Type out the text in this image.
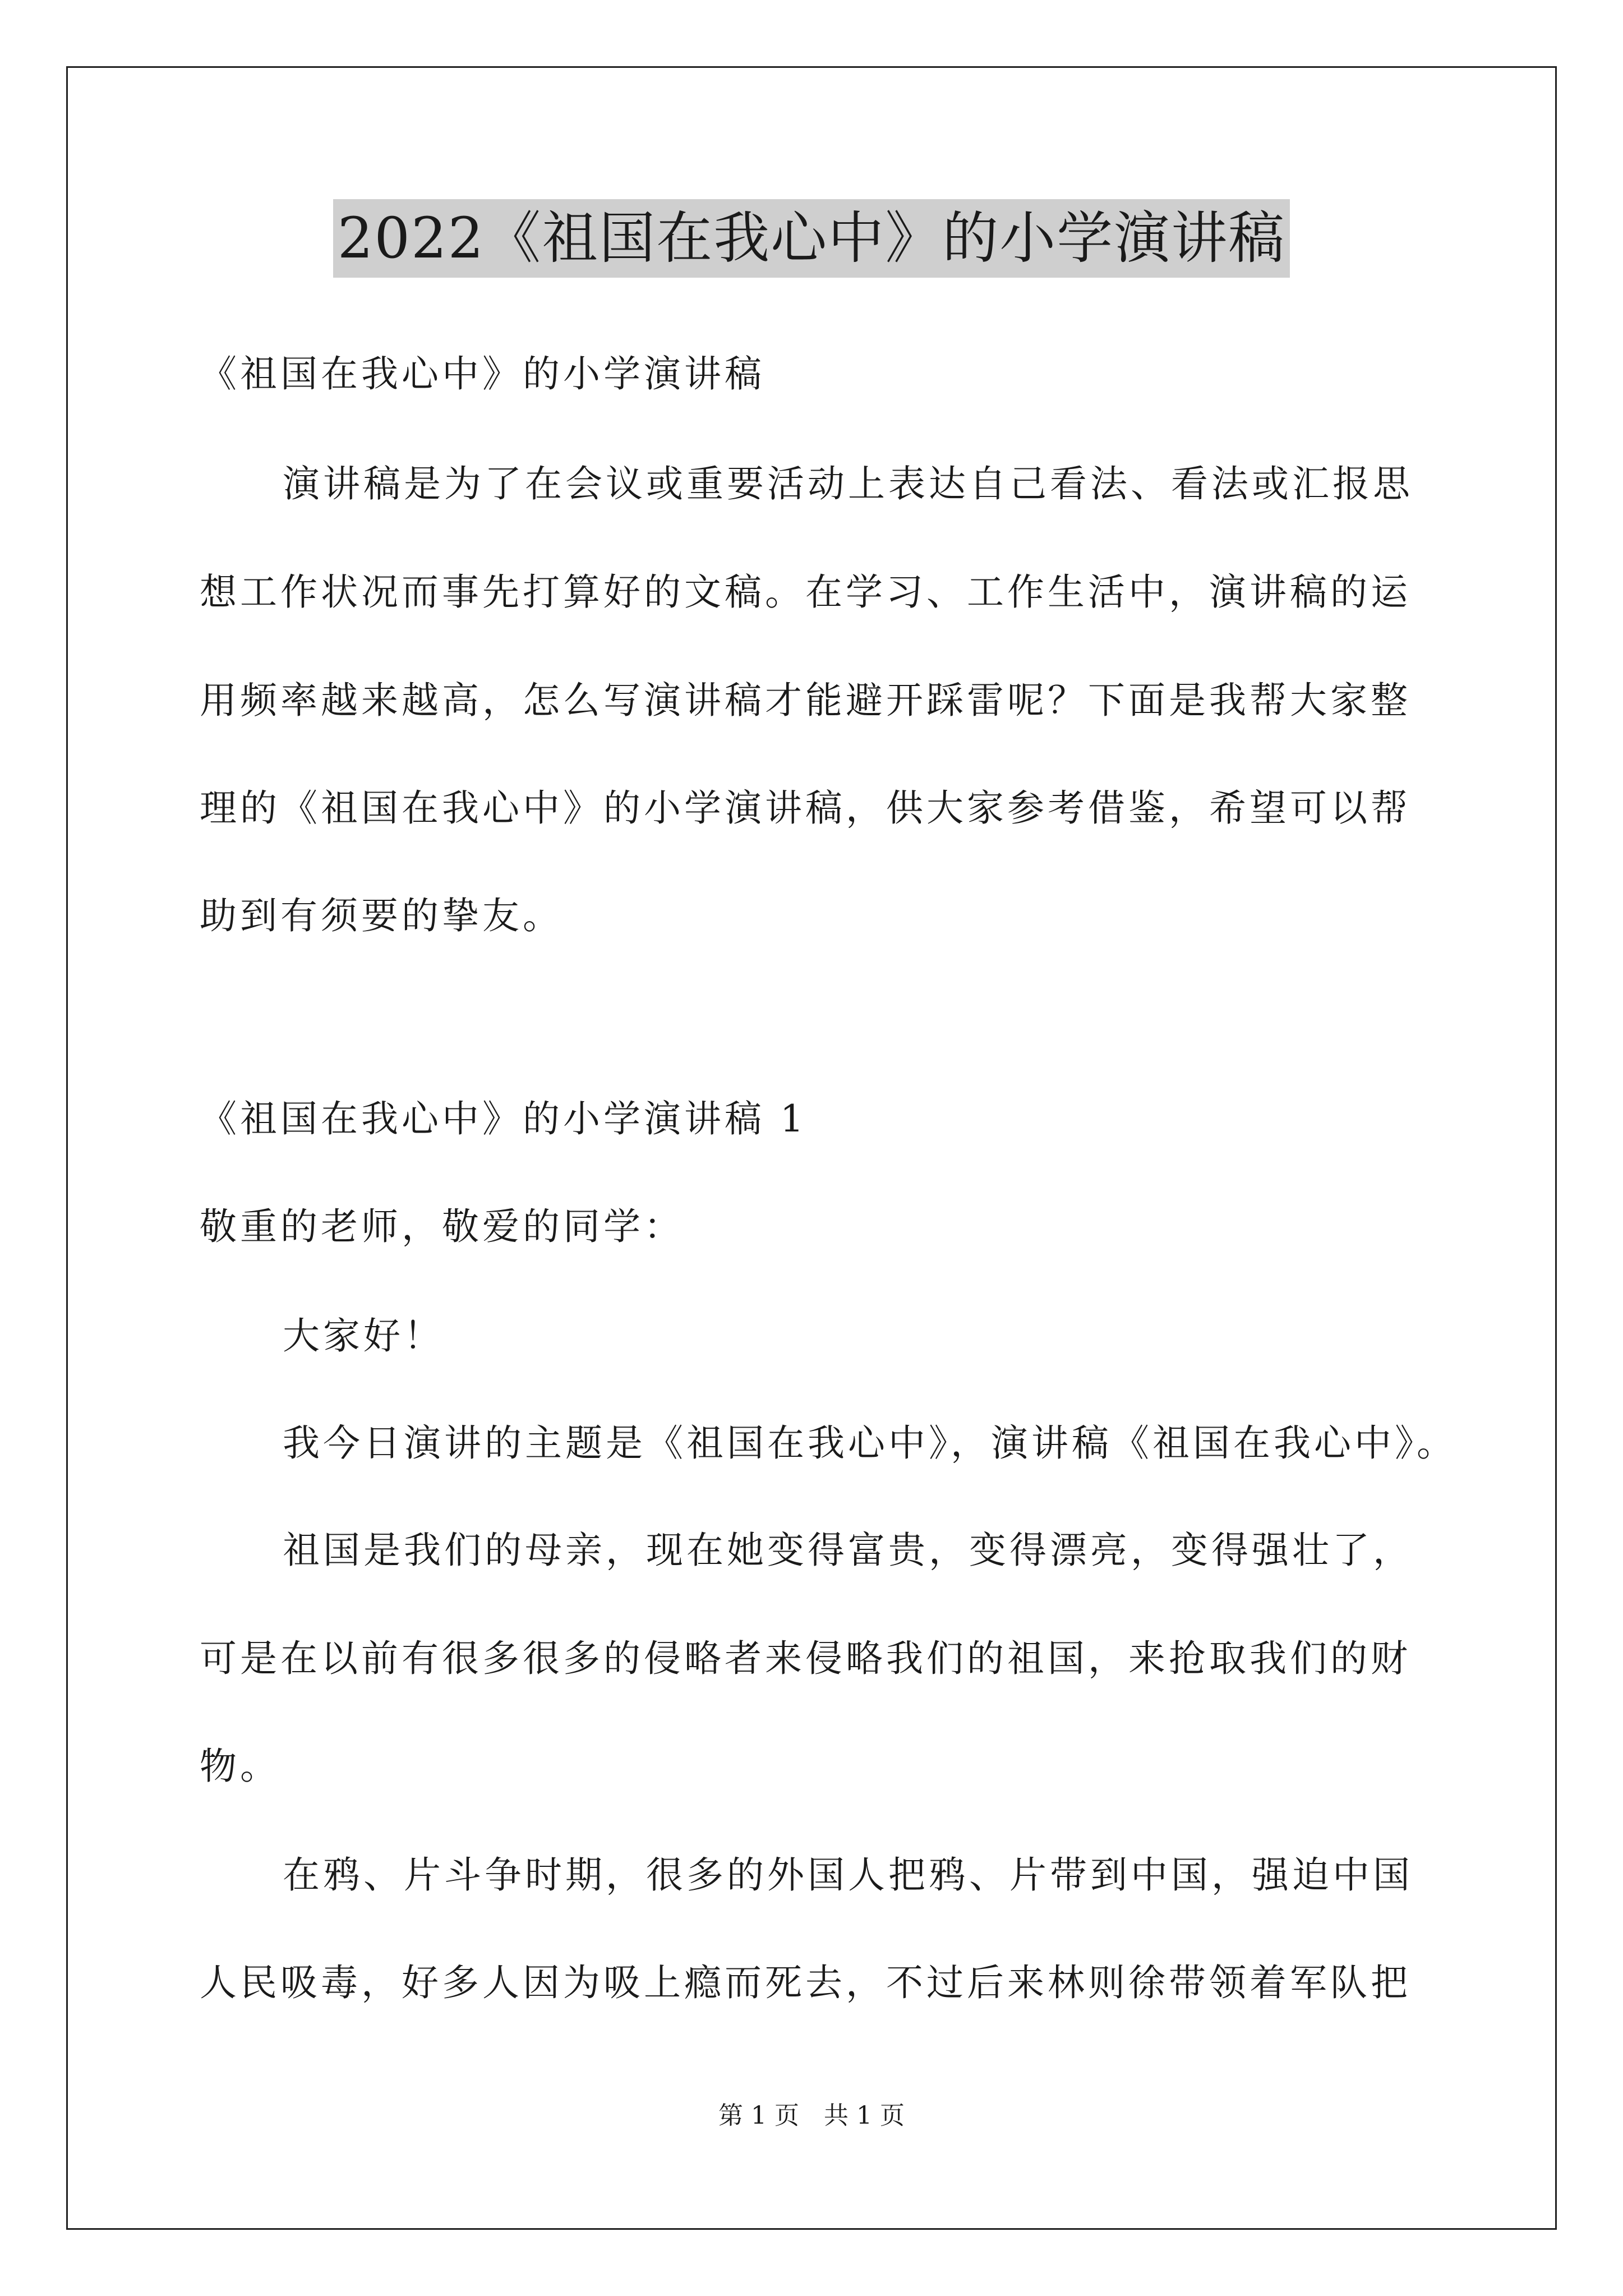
2022《祖国在我心中》的小学演讲稿
《祖国在我心中》的小学演讲稿
演讲稿是为了在会议或重要活动上表达自己看法、看法或汇报思
想工作状况而事先打算好的文稿。在学习、工作生活中，演讲稿的运
用频率越来越高，怎么写演讲稿才能避开踩雷呢？下面是我帮大家整
理的《祖国在我心中》的小学演讲稿，供大家参考借鉴，希望可以帮
助到有须要的挚友。
《祖国在我心中》的小学演讲稿 1
敬重的老师，敬爱的同学：
大家好！
我今日演讲的主题是《祖国在我心中》，演讲稿《祖国在我心中》。
祖国是我们的母亲，现在她变得富贵，变得漂亮，变得强壮了，
可是在以前有很多很多的侵略者来侵略我们的祖国，来抢取我们的财
物。
在鸦、片斗争时期，很多的外国人把鸦、片带到中国，强迫中国
人民吸毒，好多人因为吸上瘾而死去，不过后来林则徐带领着军队把
第 1 页　共 1 页
